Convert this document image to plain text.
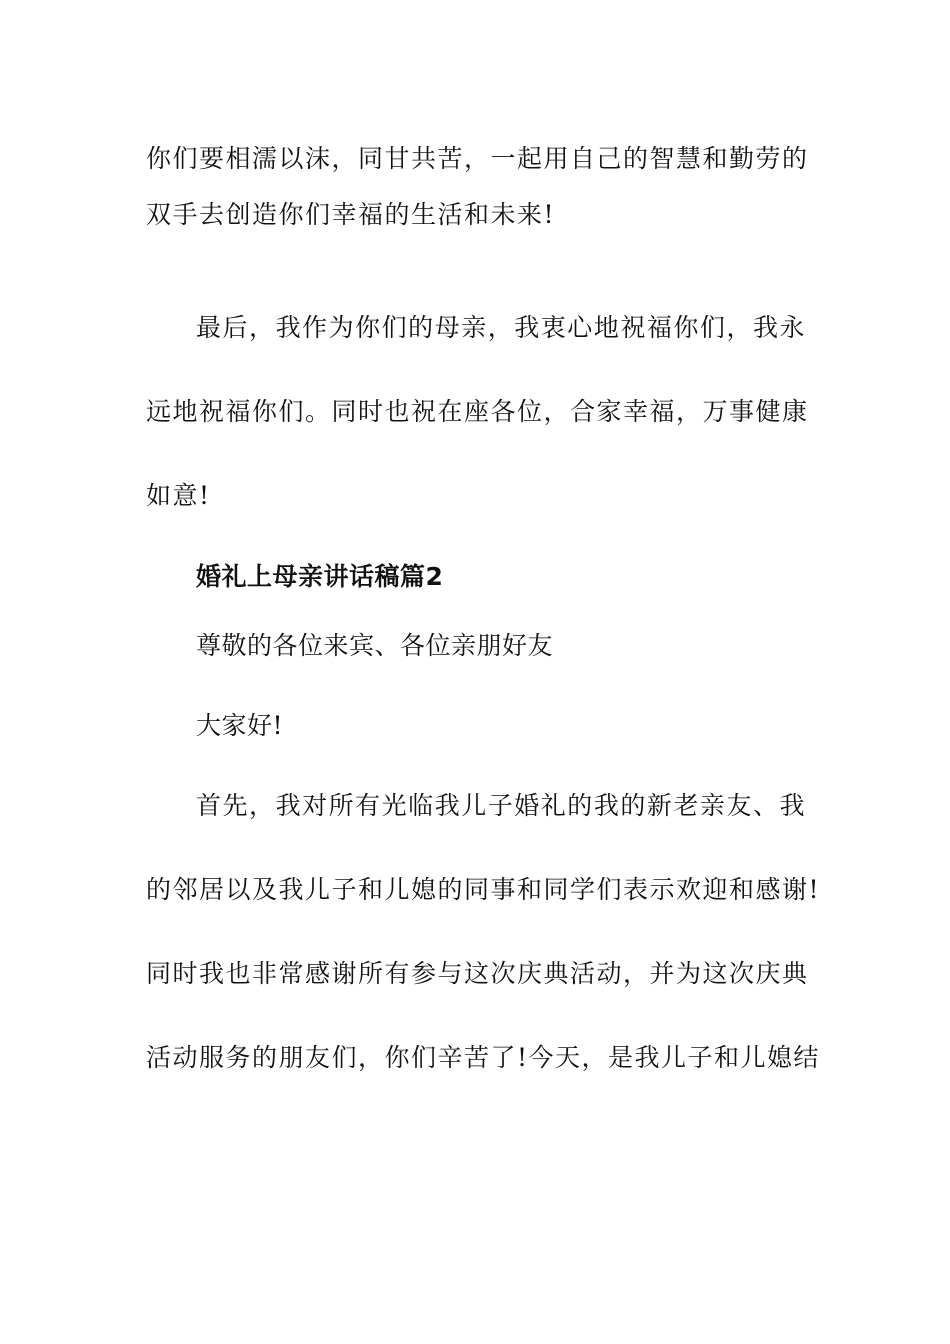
你们要相濡以沫，同甘共苦，一起用自己的智慧和勤劳的
双手去创造你们幸福的生活和未来!
最后，我作为你们的母亲，我衷心地祝福你们，我永
远地祝福你们。同时也祝在座各位，合家幸福，万事健康
如意!
婚礼上母亲讲话稿篇2
尊敬的各位来宾、各位亲朋好友
大家好!
首先，我对所有光临我儿子婚礼的我的新老亲友、我
的邻居以及我儿子和儿媳的同事和同学们表示欢迎和感谢!
同时我也非常感谢所有参与这次庆典活动，并为这次庆典
活动服务的朋友们，你们辛苦了!今天，是我儿子和儿媳结
